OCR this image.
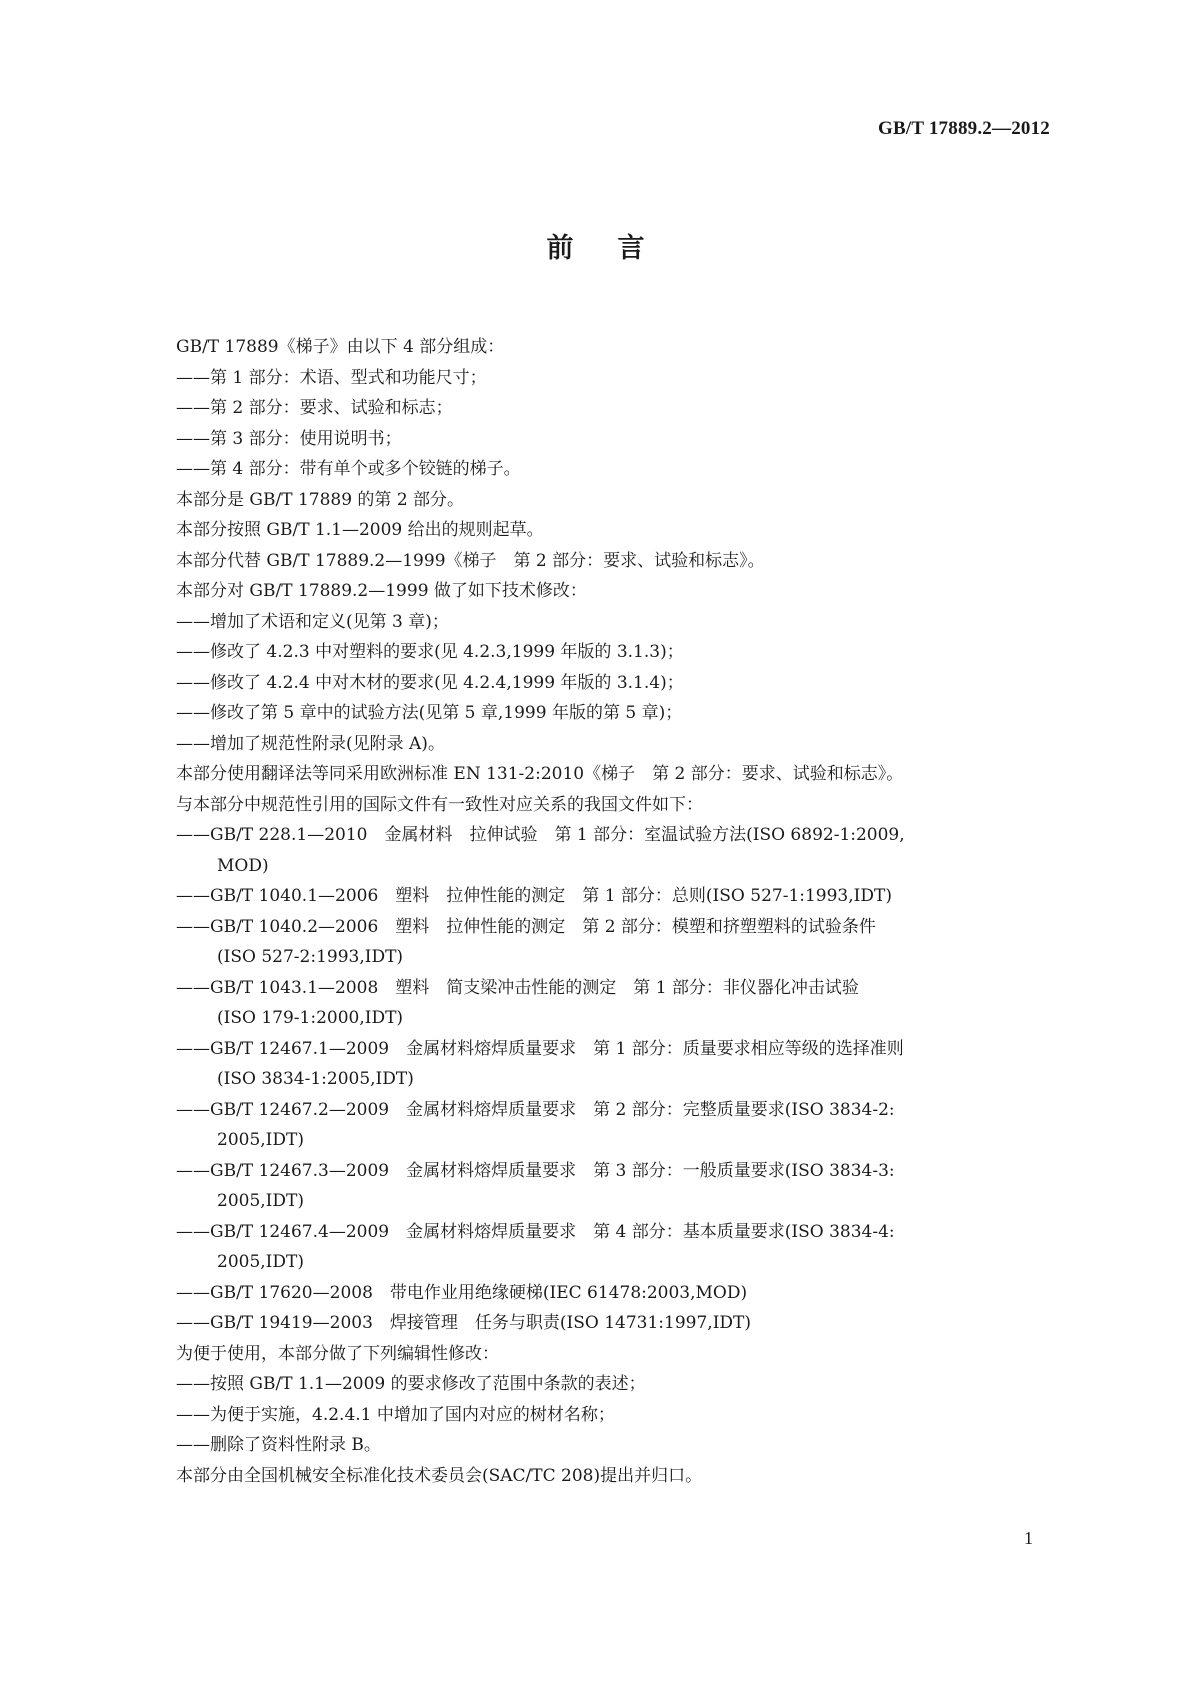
GB/T 17889.2—2012
前言
GB/T 17889《梯子》由以下 4 部分组成：
——第 1 部分：术语、型式和功能尺寸；
——第 2 部分：要求、试验和标志；
——第 3 部分：使用说明书；
——第 4 部分：带有单个或多个铰链的梯子。
本部分是 GB/T 17889 的第 2 部分。
本部分按照 GB/T 1.1—2009 给出的规则起草。
本部分代替 GB/T 17889.2—1999《梯子　第 2 部分：要求、试验和标志》。
本部分对 GB/T 17889.2—1999 做了如下技术修改：
——增加了术语和定义(见第 3 章)；
——修改了 4.2.3 中对塑料的要求(见 4.2.3,1999 年版的 3.1.3)；
——修改了 4.2.4 中对木材的要求(见 4.2.4,1999 年版的 3.1.4)；
——修改了第 5 章中的试验方法(见第 5 章,1999 年版的第 5 章)；
——增加了规范性附录(见附录 A)。
本部分使用翻译法等同采用欧洲标准 EN 131-2:2010《梯子　第 2 部分：要求、试验和标志》。
与本部分中规范性引用的国际文件有一致性对应关系的我国文件如下：
——GB/T 228.1—2010　金属材料　拉伸试验　第 1 部分：室温试验方法(ISO 6892-1:2009,
MOD)
——GB/T 1040.1—2006　塑料　拉伸性能的测定　第 1 部分：总则(ISO 527-1:1993,IDT)
——GB/T 1040.2—2006　塑料　拉伸性能的测定　第 2 部分：模塑和挤塑塑料的试验条件
(ISO 527-2:1993,IDT)
——GB/T 1043.1—2008　塑料　简支梁冲击性能的测定　第 1 部分：非仪器化冲击试验
(ISO 179-1:2000,IDT)
——GB/T 12467.1—2009　金属材料熔焊质量要求　第 1 部分：质量要求相应等级的选择准则
(ISO 3834-1:2005,IDT)
——GB/T 12467.2—2009　金属材料熔焊质量要求　第 2 部分：完整质量要求(ISO 3834-2:
2005,IDT)
——GB/T 12467.3—2009　金属材料熔焊质量要求　第 3 部分：一般质量要求(ISO 3834-3:
2005,IDT)
——GB/T 12467.4—2009　金属材料熔焊质量要求　第 4 部分：基本质量要求(ISO 3834-4:
2005,IDT)
——GB/T 17620—2008　带电作业用绝缘硬梯(IEC 61478:2003,MOD)
——GB/T 19419—2003　焊接管理　任务与职责(ISO 14731:1997,IDT)
为便于使用，本部分做了下列编辑性修改：
——按照 GB/T 1.1—2009 的要求修改了范围中条款的表述；
——为便于实施，4.2.4.1 中增加了国内对应的树材名称；
——删除了资料性附录 B。
本部分由全国机械安全标准化技术委员会(SAC/TC 208)提出并归口。
1
